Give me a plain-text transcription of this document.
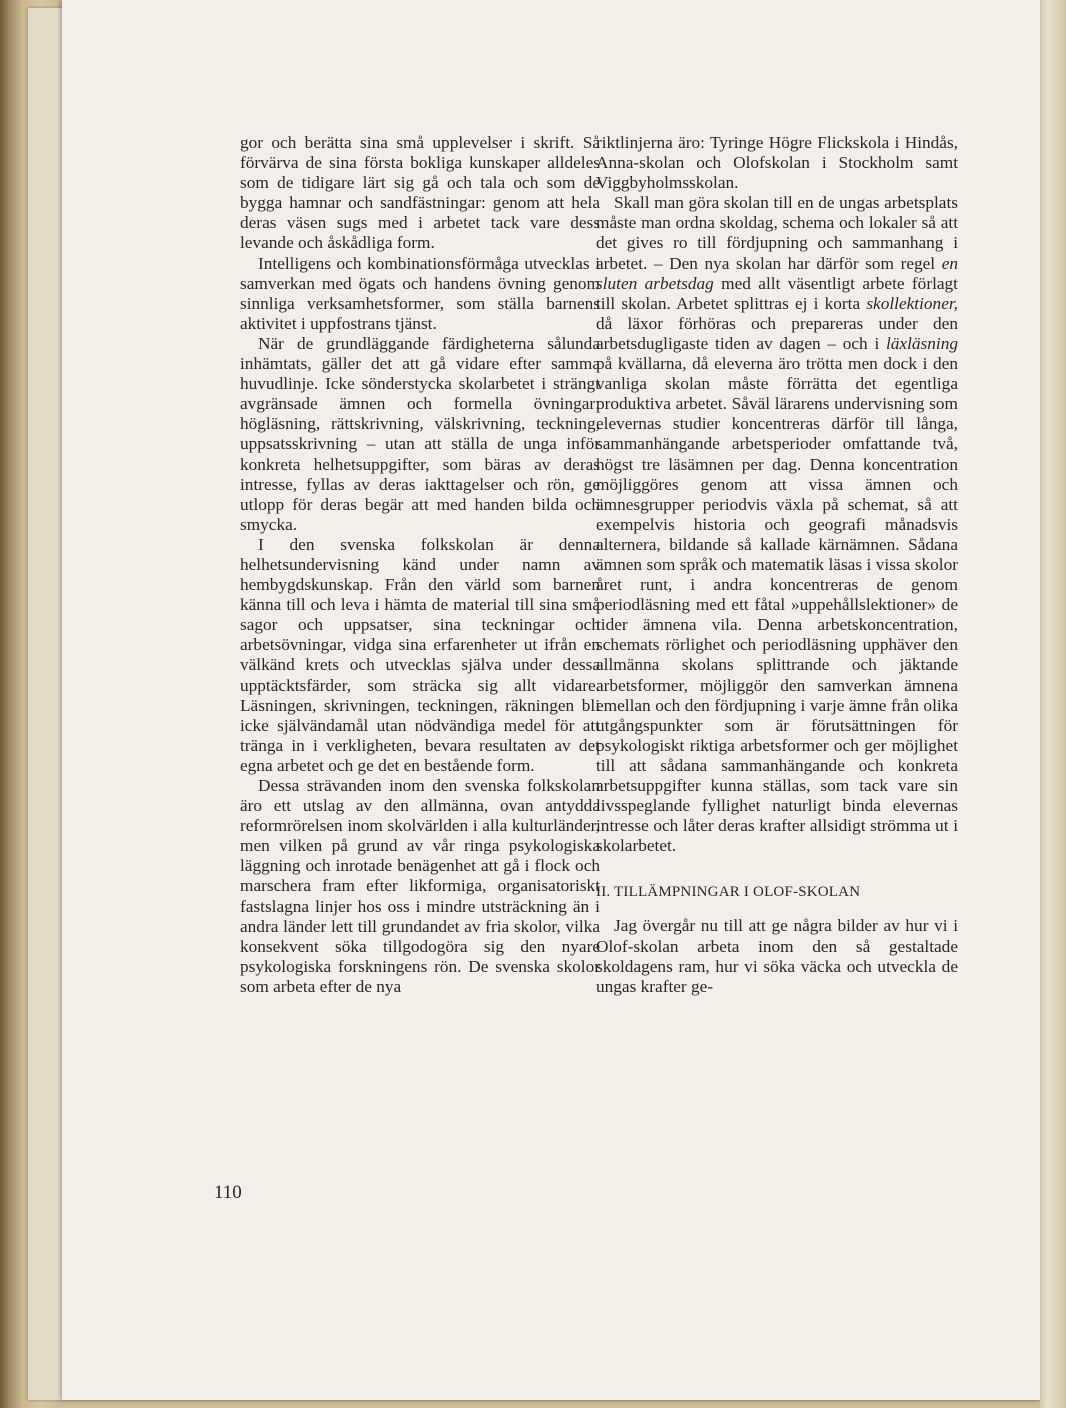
gor och berätta sina små upplevelser i skrift. Så förvärva de sina första bokliga kunskaper alldeles som de tidigare lärt sig gå och tala och som de bygga hamnar och sandfästningar: genom att hela deras väsen sugs med i arbetet tack vare dess levande och åskådliga form.

Intelligens och kombinationsförmåga utvecklas i samverkan med ögats och handens övning genom sinnliga verksamhetsformer, som ställa barnens aktivitet i uppfostrans tjänst.

När de grundläggande färdigheterna sålunda inhämtats, gäller det att gå vidare efter samma huvudlinje. Icke sönderstycka skolarbetet i strängt avgränsade ämnen och formella övningar: högläsning, rättskrivning, välskrivning, teckning, uppsatsskrivning – utan att ställa de unga inför konkreta helhetsuppgifter, som bäras av deras intresse, fyllas av deras iakttagelser och rön, ge utlopp för deras begär att med handen bilda och smycka.

I den svenska folkskolan är denna helhetsundervisning känd under namn av hembygdskunskap. Från den värld som barnen känna till och leva i hämta de material till sina små sagor och uppsatser, sina teckningar och arbetsövningar, vidga sina erfarenheter ut ifrån en välkänd krets och utvecklas själva under dessa upptäcktsfärder, som sträcka sig allt vidare. Läsningen, skrivningen, teckningen, räkningen bli icke självändamål utan nödvändiga medel för att tränga in i verkligheten, bevara resultaten av det egna arbetet och ge det en bestående form.

Dessa strävanden inom den svenska folkskolan äro ett utslag av den allmänna, ovan antydda reformrörelsen inom skolvärlden i alla kulturländer, men vilken på grund av vår ringa psykologiska läggning och inrotade benägenhet att gå i flock och marschera fram efter likformiga, organisatoriskt fastslagna linjer hos oss i mindre utsträckning än i andra länder lett till grundandet av fria skolor, vilka konsekvent söka tillgodogöra sig den nyare psykologiska forskningens rön. De svenska skolor som arbeta efter de nya

riktlinjerna äro: Tyringe Högre Flickskola i Hindås, Anna-skolan och Olofskolan i Stockholm samt Viggbyholmsskolan.

Skall man göra skolan till en de ungas arbetsplats måste man ordna skoldag, schema och lokaler så att det gives ro till fördjupning och sammanhang i arbetet. – Den nya skolan har därför som regel en sluten arbetsdag med allt väsentligt arbete förlagt till skolan. Arbetet splittras ej i korta skollektioner, då läxor förhöras och prepareras under den arbetsdugligaste tiden av dagen – och i läxläsning på kvällarna, då eleverna äro trötta men dock i den vanliga skolan måste förrätta det egentliga produktiva arbetet. Såväl lärarens undervisning som elevernas studier koncentreras därför till långa, sammanhängande arbetsperioder omfattande två, högst tre läsämnen per dag. Denna koncentration möjliggöres genom att vissa ämnen och ämnesgrupper periodvis växla på schemat, så att exempelvis historia och geografi månadsvis alternera, bildande så kallade kärnämnen. Sådana ämnen som språk och matematik läsas i vissa skolor året runt, i andra koncentreras de genom periodläsning med ett fåtal »uppehållslektioner» de tider ämnena vila. Denna arbetskoncentration, schemats rörlighet och periodläsning upphäver den allmänna skolans splittrande och jäktande arbetsformer, möjliggör den samverkan ämnena emellan och den fördjupning i varje ämne från olika utgångspunkter som är förutsättningen för psykologiskt riktiga arbetsformer och ger möjlighet till att sådana sammanhängande och konkreta arbetsuppgifter kunna ställas, som tack vare sin livsspeglande fyllighet naturligt binda elevernas intresse och låter deras krafter allsidigt strömma ut i skolarbetet.

II. TILLÄMPNINGAR I OLOF-SKOLAN

Jag övergår nu till att ge några bilder av hur vi i Olof-skolan arbeta inom den så gestaltade skoldagens ram, hur vi söka väcka och utveckla de ungas krafter ge-

110
